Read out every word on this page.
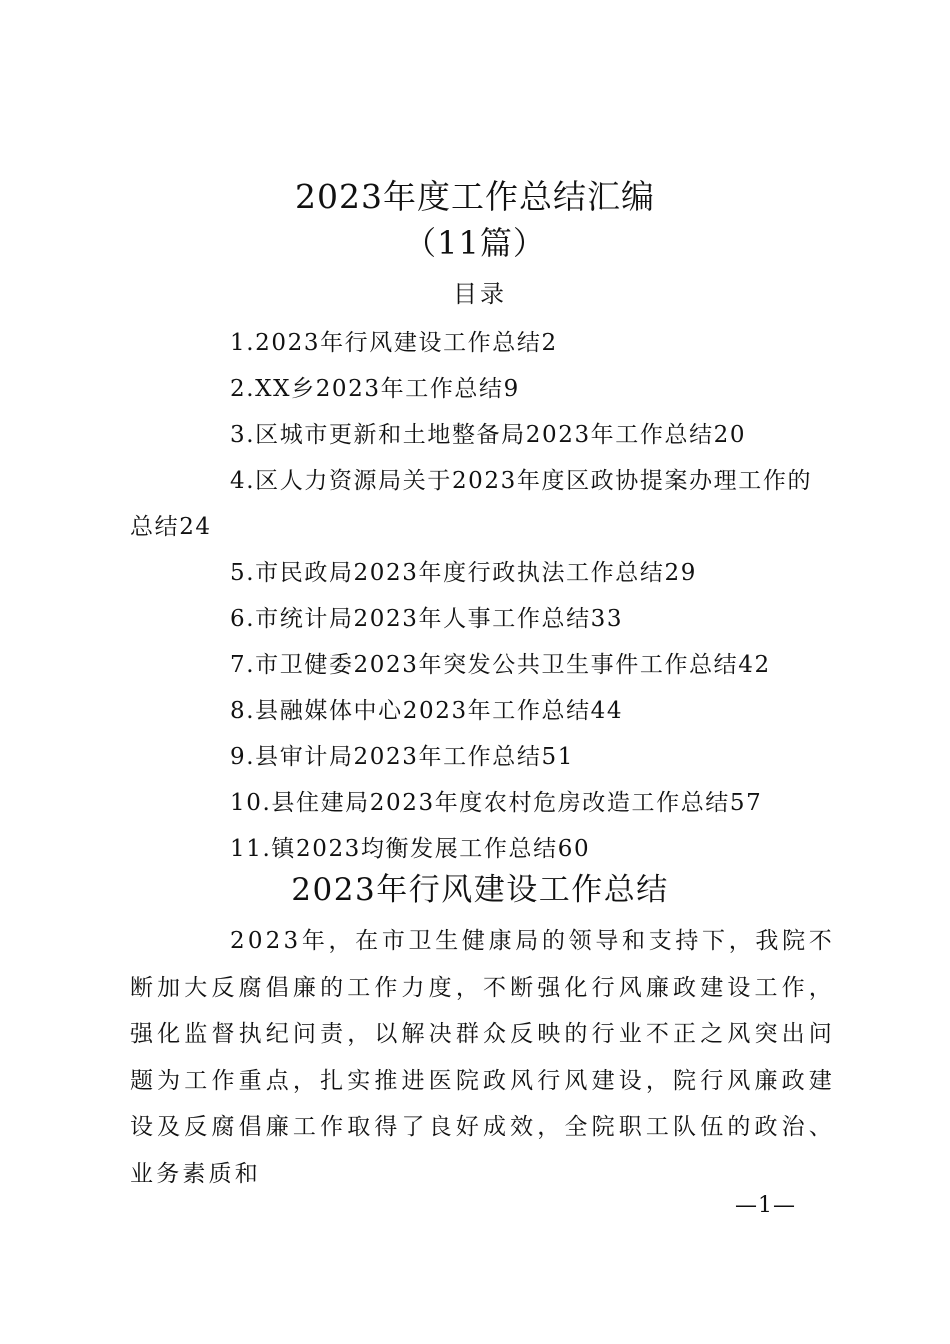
2023年度工作总结汇编
（11篇）
目录
1.2023年行风建设工作总结2
2.XX乡2023年工作总结9
3.区城市更新和土地整备局2023年工作总结20
4.区人力资源局关于2023年度区政协提案办理工作的总结24
5.市民政局2023年度行政执法工作总结29
6.市统计局2023年人事工作总结33
7.市卫健委2023年突发公共卫生事件工作总结42
8.县融媒体中心2023年工作总结44
9.县审计局2023年工作总结51
10.县住建局2023年度农村危房改造工作总结57
11.镇2023均衡发展工作总结60
2023年行风建设工作总结

2023年，在市卫生健康局的领导和支持下，我院不断加大反腐倡廉的工作力度，不断强化行风廉政建设工作，强化监督执纪问责，以解决群众反映的行业不正之风突出问题为工作重点，扎实推进医院政风行风建设，院行风廉政建设及反腐倡廉工作取得了良好成效，全院职工队伍的政治、业务素质和

—1—
